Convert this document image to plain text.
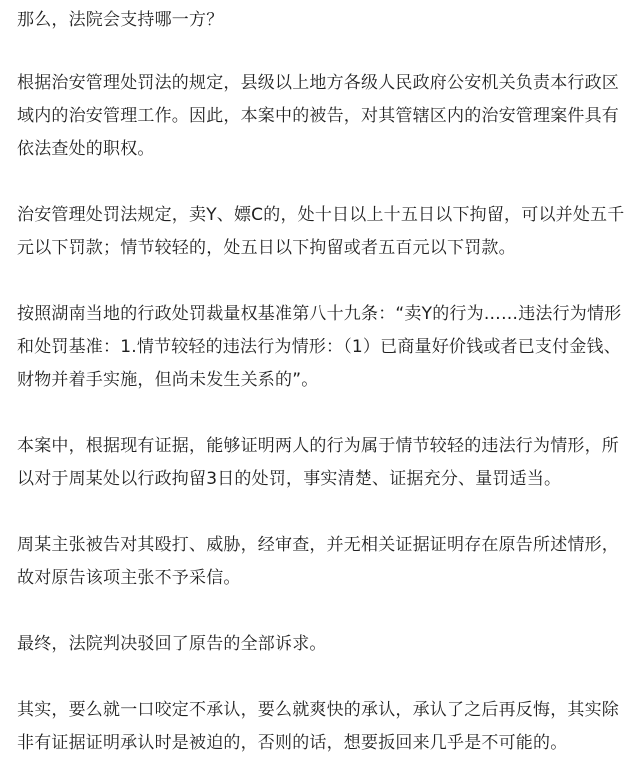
那么，法院会支持哪一方？

根据治安管理处罚法的规定，县级以上地方各级人民政府公安机关负责本行政区域内的治安管理工作。因此，本案中的被告，对其管辖区内的治安管理案件具有依法查处的职权。

治安管理处罚法规定，卖Y、嫖C的，处十日以上十五日以下拘留，可以并处五千元以下罚款；情节较轻的，处五日以下拘留或者五百元以下罚款。

按照湖南当地的行政处罚裁量权基准第八十九条：“卖Y的行为……违法行为情形和处罚基准：1.情节较轻的违法行为情形：（1）已商量好价钱或者已支付金钱、财物并着手实施，但尚未发生关系的”。

本案中，根据现有证据，能够证明两人的行为属于情节较轻的违法行为情形，所以对于周某处以行政拘留3日的处罚，事实清楚、证据充分、量罚适当。

周某主张被告对其殴打、威胁，经审查，并无相关证据证明存在原告所述情形，故对原告该项主张不予采信。

最终，法院判决驳回了原告的全部诉求。

其实，要么就一口咬定不承认，要么就爽快的承认，承认了之后再反悔，其实除非有证据证明承认时是被迫的，否则的话，想要扳回来几乎是不可能的。
